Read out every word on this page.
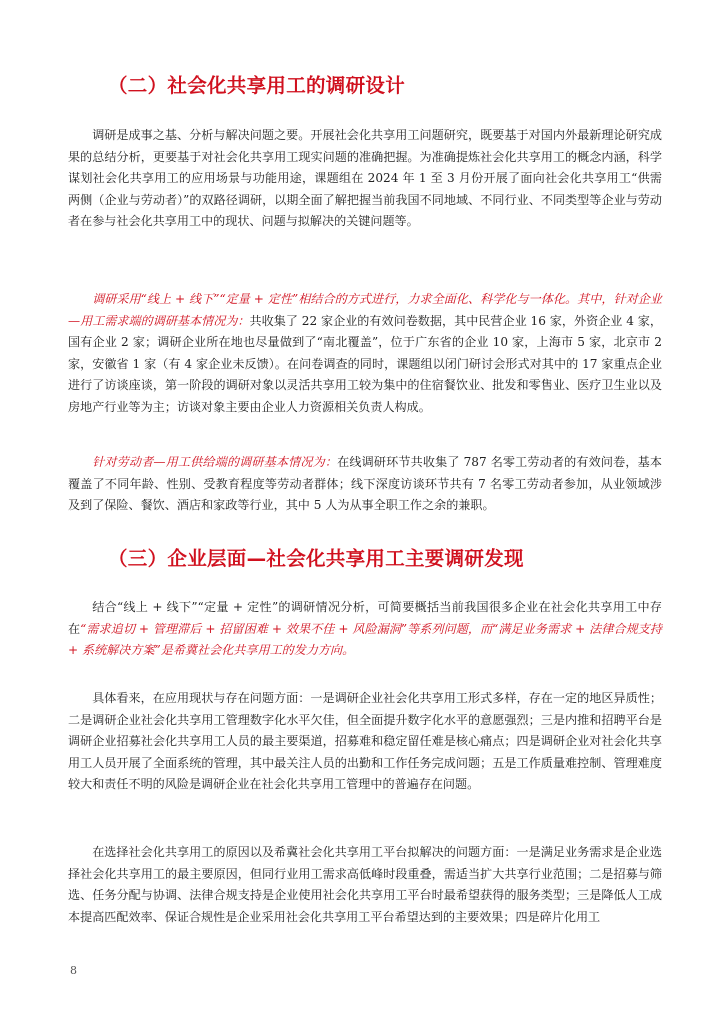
（二）社会化共享用工的调研设计

调研是成事之基、分析与解决问题之要。开展社会化共享用工问题研究，既要基于对国内外最新理论研究成果的总结分析，更要基于对社会化共享用工现实问题的准确把握。为准确提炼社会化共享用工的概念内涵，科学谋划社会化共享用工的应用场景与功能用途，课题组在 2024 年 1 至 3 月份开展了面向社会化共享用工“供需两侧（企业与劳动者）”的双路径调研，以期全面了解把握当前我国不同地域、不同行业、不同类型等企业与劳动者在参与社会化共享用工中的现状、问题与拟解决的关键问题等。

调研采用“线上 + 线下”“定量 + 定性”相结合的方式进行，力求全面化、科学化与一体化。其中，针对企业—用工需求端的调研基本情况为：共收集了 22 家企业的有效问卷数据，其中民营企业 16 家，外资企业 4 家，国有企业 2 家；调研企业所在地也尽量做到了“南北覆盖”，位于广东省的企业 10 家，上海市 5 家，北京市 2 家，安徽省 1 家（有 4 家企业未反馈）。在问卷调查的同时，课题组以闭门研讨会形式对其中的 17 家重点企业进行了访谈座谈，第一阶段的调研对象以灵活共享用工较为集中的住宿餐饮业、批发和零售业、医疗卫生业以及房地产行业等为主；访谈对象主要由企业人力资源相关负责人构成。

针对劳动者—用工供给端的调研基本情况为：在线调研环节共收集了 787 名零工劳动者的有效问卷，基本覆盖了不同年龄、性别、受教育程度等劳动者群体；线下深度访谈环节共有 7 名零工劳动者参加，从业领域涉及到了保险、餐饮、酒店和家政等行业，其中 5 人为从事全职工作之余的兼职。

（三）企业层面—社会化共享用工主要调研发现

结合“线上 + 线下”“定量 + 定性”的调研情况分析，可简要概括当前我国很多企业在社会化共享用工中存在“需求追切 + 管理滞后 + 招留困难 + 效果不佳 + 风险漏洞”等系列问题，而“满足业务需求 + 法律合规支持 + 系统解决方案”是希冀社会化共享用工的发力方向。

具体看来，在应用现状与存在问题方面：一是调研企业社会化共享用工形式多样，存在一定的地区异质性；二是调研企业社会化共享用工管理数字化水平欠佳，但全面提升数字化水平的意愿强烈；三是内推和招聘平台是调研企业招募社会化共享用工人员的最主要渠道，招募难和稳定留任难是核心痛点；四是调研企业对社会化共享用工人员开展了全面系统的管理，其中最关注人员的出勤和工作任务完成问题；五是工作质量难控制、管理难度较大和责任不明的风险是调研企业在社会化共享用工管理中的普遍存在问题。

在选择社会化共享用工的原因以及希冀社会化共享用工平台拟解决的问题方面：一是满足业务需求是企业选择社会化共享用工的最主要原因，但同行业用工需求高低峰时段重叠，需适当扩大共享行业范围；二是招募与筛选、任务分配与协调、法律合规支持是企业使用社会化共享用工平台时最希望获得的服务类型；三是降低人工成本提高匹配效率、保证合规性是企业采用社会化共享用工平台希望达到的主要效果；四是碎片化用工

8
